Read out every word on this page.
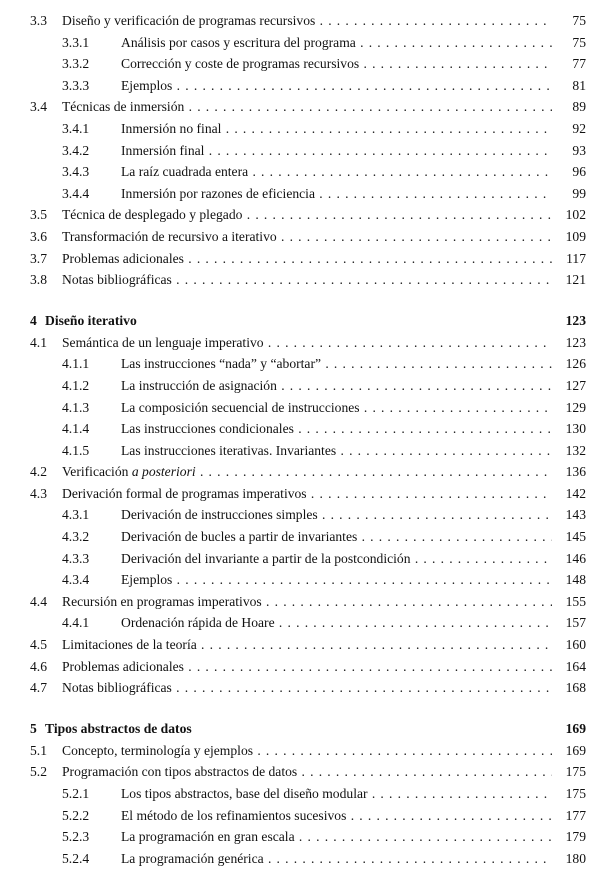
3.3 Diseño y verificación de programas recursivos . . .	75
3.3.1 Análisis por casos y escritura del programa . . .	75
3.3.2 Corrección y coste de programas recursivos . . .	77
3.3.3 Ejemplos . . .	81
3.4 Técnicas de inmersión . . .	89
3.4.1 Inmersión no final . . .	92
3.4.2 Inmersión final . . .	93
3.4.3 La raíz cuadrada entera . . .	96
3.4.4 Inmersión por razones de eficiencia . . .	99
3.5 Técnica de desplegado y plegado . . .	102
3.6 Transformación de recursivo a iterativo . . .	109
3.7 Problemas adicionales . . .	117
3.8 Notas bibliográficas . . .	121
4 Diseño iterativo	123
4.1 Semántica de un lenguaje imperativo . . .	123
4.1.1 Las instrucciones “nada” y “abortar” . . .	126
4.1.2 La instrucción de asignación . . .	127
4.1.3 La composición secuencial de instrucciones . . .	129
4.1.4 Las instrucciones condicionales . . .	130
4.1.5 Las instrucciones iterativas. Invariantes . . .	132
4.2 Verificación a posteriori . . .	136
4.3 Derivación formal de programas imperativos . . .	142
4.3.1 Derivación de instrucciones simples . . .	143
4.3.2 Derivación de bucles a partir de invariantes . . .	145
4.3.3 Derivación del invariante a partir de la postcondición . . .	146
4.3.4 Ejemplos . . .	148
4.4 Recursión en programas imperativos . . .	155
4.4.1 Ordenación rápida de Hoare . . .	157
4.5 Limitaciones de la teoría . . .	160
4.6 Problemas adicionales . . .	164
4.7 Notas bibliográficas . . .	168
5 Tipos abstractos de datos	169
5.1 Concepto, terminología y ejemplos . . .	169
5.2 Programación con tipos abstractos de datos . . .	175
5.2.1 Los tipos abstractos, base del diseño modular . . .	175
5.2.2 El método de los refinamientos sucesivos . . .	177
5.2.3 La programación en gran escala . . .	179
5.2.4 La programación genérica . . .	180
